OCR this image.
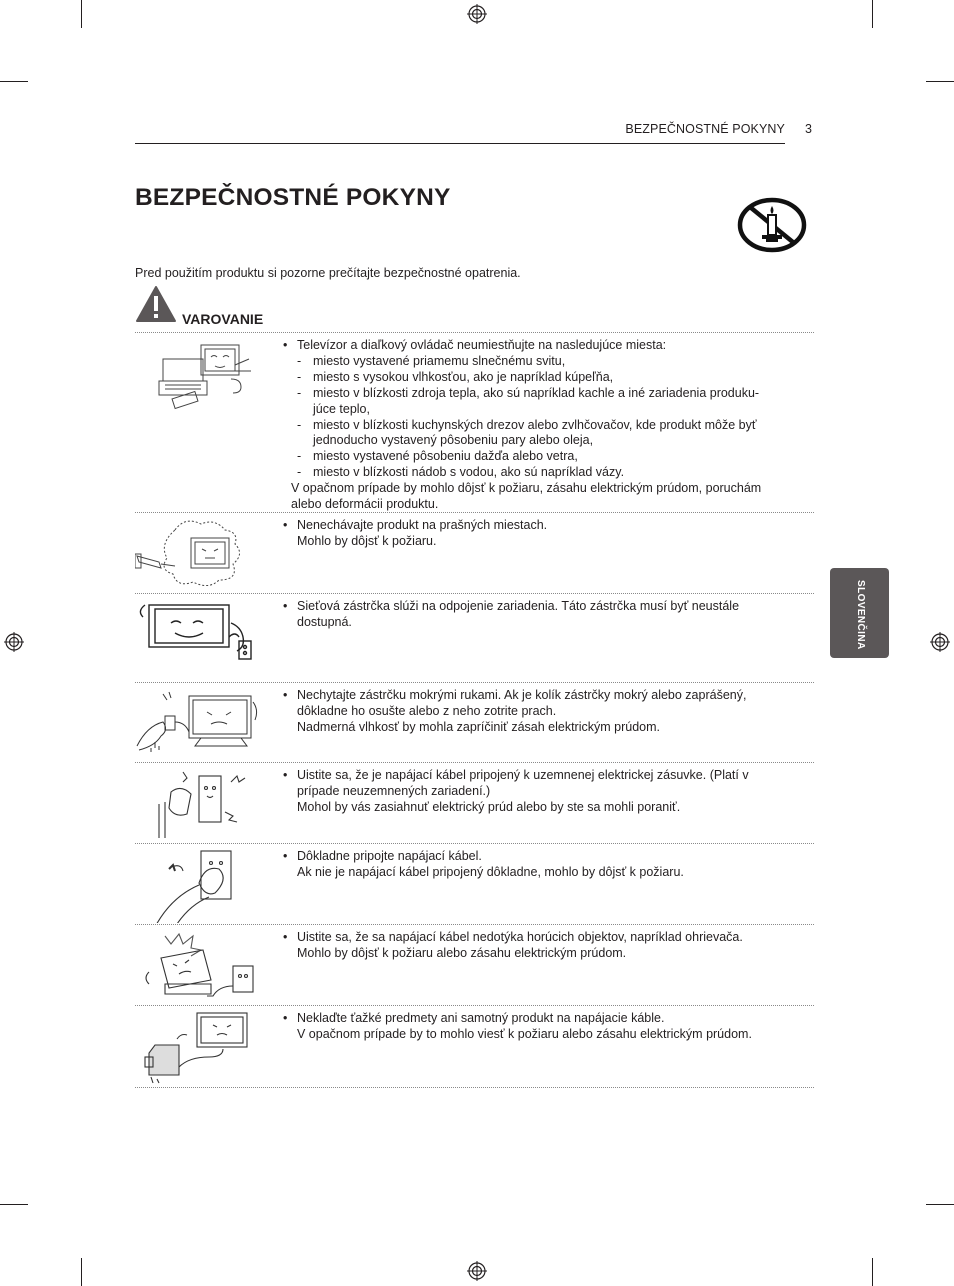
BEZPEČNOSTNÉ POKYNY 3
BEZPEČNOSTNÉ POKYNY
Pred použitím produktu si pozorne prečítajte bezpečnostné opatrenia.
VAROVANIE
SLOVENČINA
• Televízor a diaľkový ovládač neumiestňujte na nasledujúce miesta:
- miesto vystavené priamemu slnečnému svitu,
- miesto s vysokou vlhkosťou, ako je napríklad kúpeľňa,
- miesto v blízkosti zdroja tepla, ako sú napríklad kachle a iné zariadenia produku-
júce teplo,
- miesto v blízkosti kuchynských drezov alebo zvlhčovačov, kde produkt môže byť
jednoducho vystavený pôsobeniu pary alebo oleja,
- miesto vystavené pôsobeniu dažďa alebo vetra,
- miesto v blízkosti nádob s vodou, ako sú napríklad vázy.
V opačnom prípade by mohlo dôjsť k požiaru, zásahu elektrickým prúdom, poruchám
alebo deformácii produktu.
• Nenechávajte produkt na prašných miestach.
Mohlo by dôjsť k požiaru.
• Sieťová zástrčka slúži na odpojenie zariadenia. Táto zástrčka musí byť neustále
dostupná.
• Nechytajte zástrčku mokrými rukami. Ak je kolík zástrčky mokrý alebo zaprášený,
dôkladne ho osušte alebo z neho zotrite prach.
Nadmerná vlhkosť by mohla zapríčiniť zásah elektrickým prúdom.
• Uistite sa, že je napájací kábel pripojený k uzemnenej elektrickej zásuvke. (Platí v
prípade neuzemnených zariadení.)
Mohol by vás zasiahnuť elektrický prúd alebo by ste sa mohli poraniť.
• Dôkladne pripojte napájací kábel.
Ak nie je napájací kábel pripojený dôkladne, mohlo by dôjsť k požiaru.
• Uistite sa, že sa napájací kábel nedotýka horúcich objektov, napríklad ohrievača.
Mohlo by dôjsť k požiaru alebo zásahu elektrickým prúdom.
• Neklaďte ťažké predmety ani samotný produkt na napájacie káble.
V opačnom prípade by to mohlo viesť k požiaru alebo zásahu elektrickým prúdom.
